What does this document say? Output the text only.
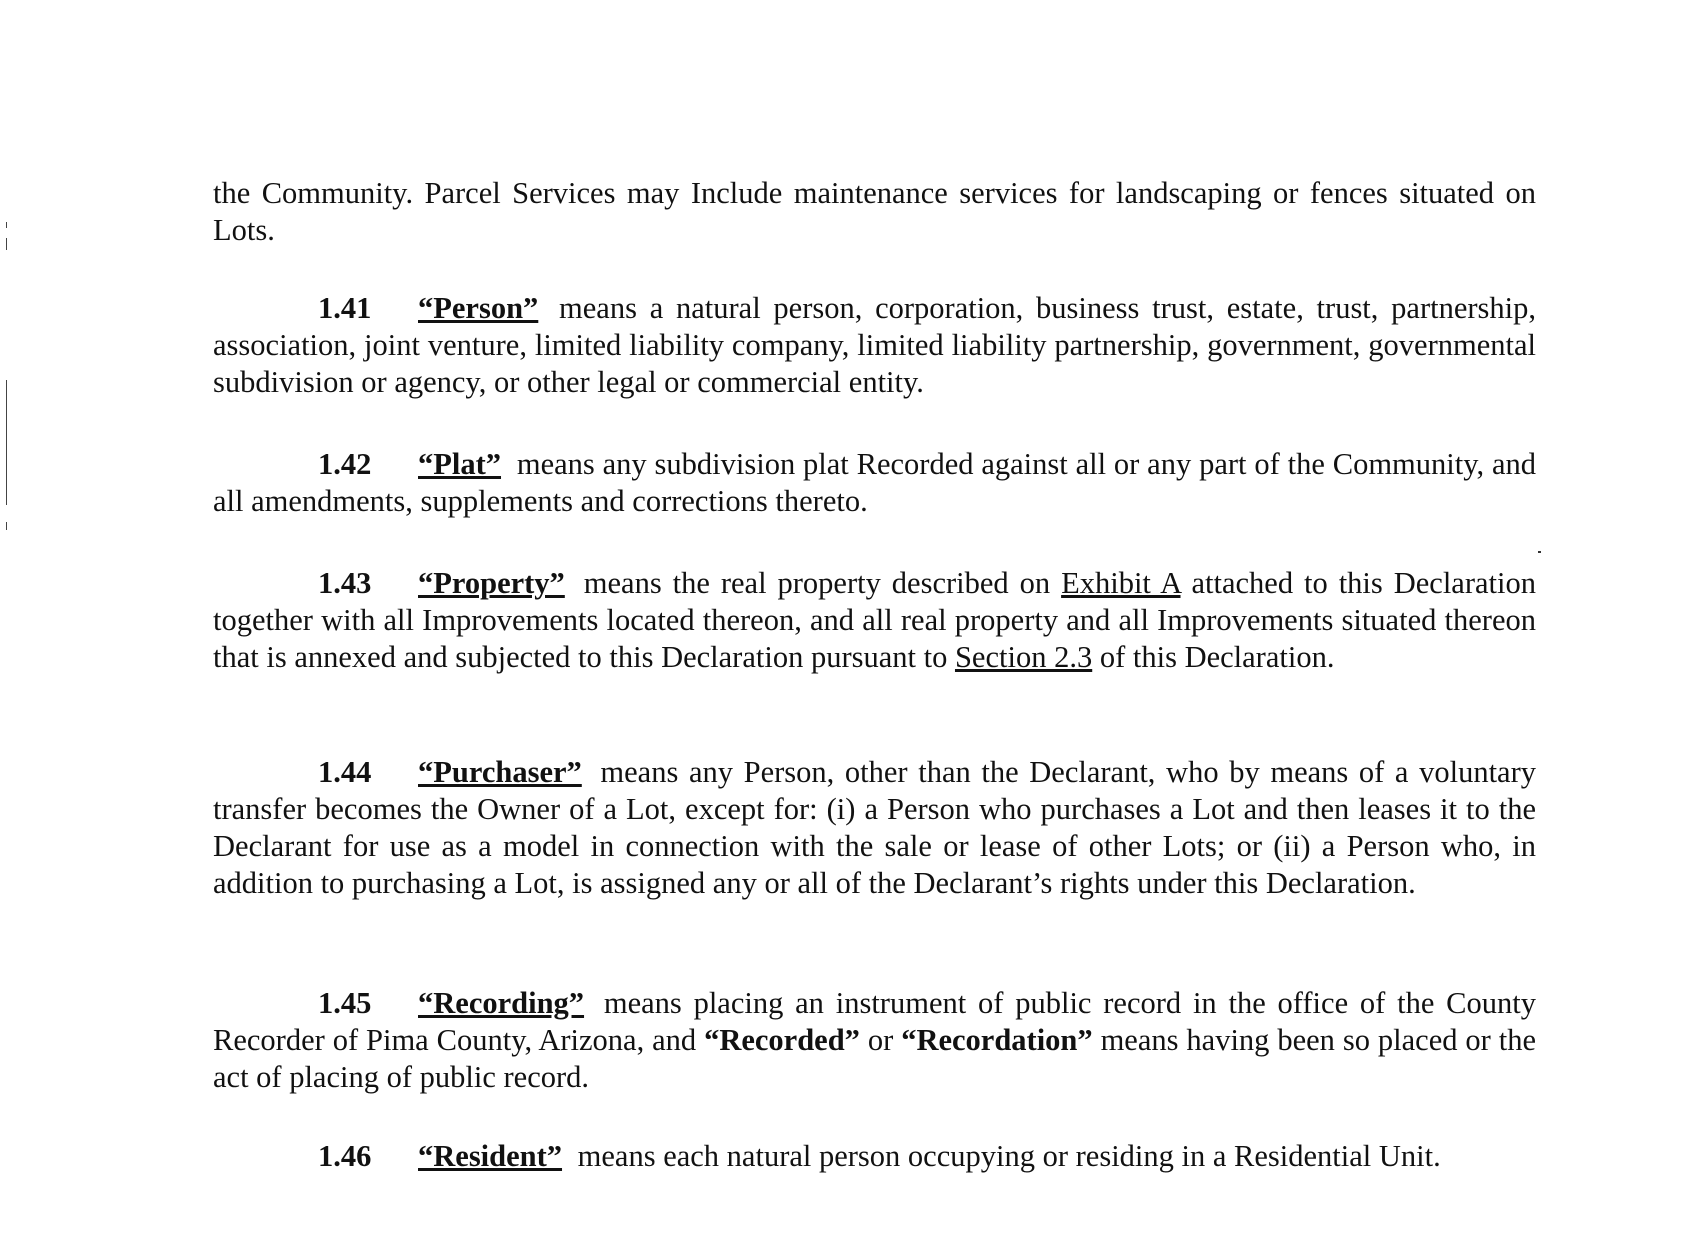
the Community. Parcel Services may Include maintenance services for landscaping or fences situated on Lots.
1.41 “Person” means a natural person, corporation, business trust, estate, trust, partnership, association, joint venture, limited liability company, limited liability partnership, government, governmental subdivision or agency, or other legal or commercial entity.
1.42 “Plat” means any subdivision plat Recorded against all or any part of the Community, and all amendments, supplements and corrections thereto.
1.43 “Property” means the real property described on Exhibit A attached to this Declaration together with all Improvements located thereon, and all real property and all Improvements situated thereon that is annexed and subjected to this Declaration pursuant to Section 2.3 of this Declaration.
1.44 “Purchaser” means any Person, other than the Declarant, who by means of a voluntary transfer becomes the Owner of a Lot, except for: (i) a Person who purchases a Lot and then leases it to the Declarant for use as a model in connection with the sale or lease of other Lots; or (ii) a Person who, in addition to purchasing a Lot, is assigned any or all of the Declarant’s rights under this Declaration.
1.45 “Recording” means placing an instrument of public record in the office of the County Recorder of Pima County, Arizona, and “Recorded” or “Recordation” means having been so placed or the act of placing of public record.
1.46 “Resident” means each natural person occupying or residing in a Residential Unit.
